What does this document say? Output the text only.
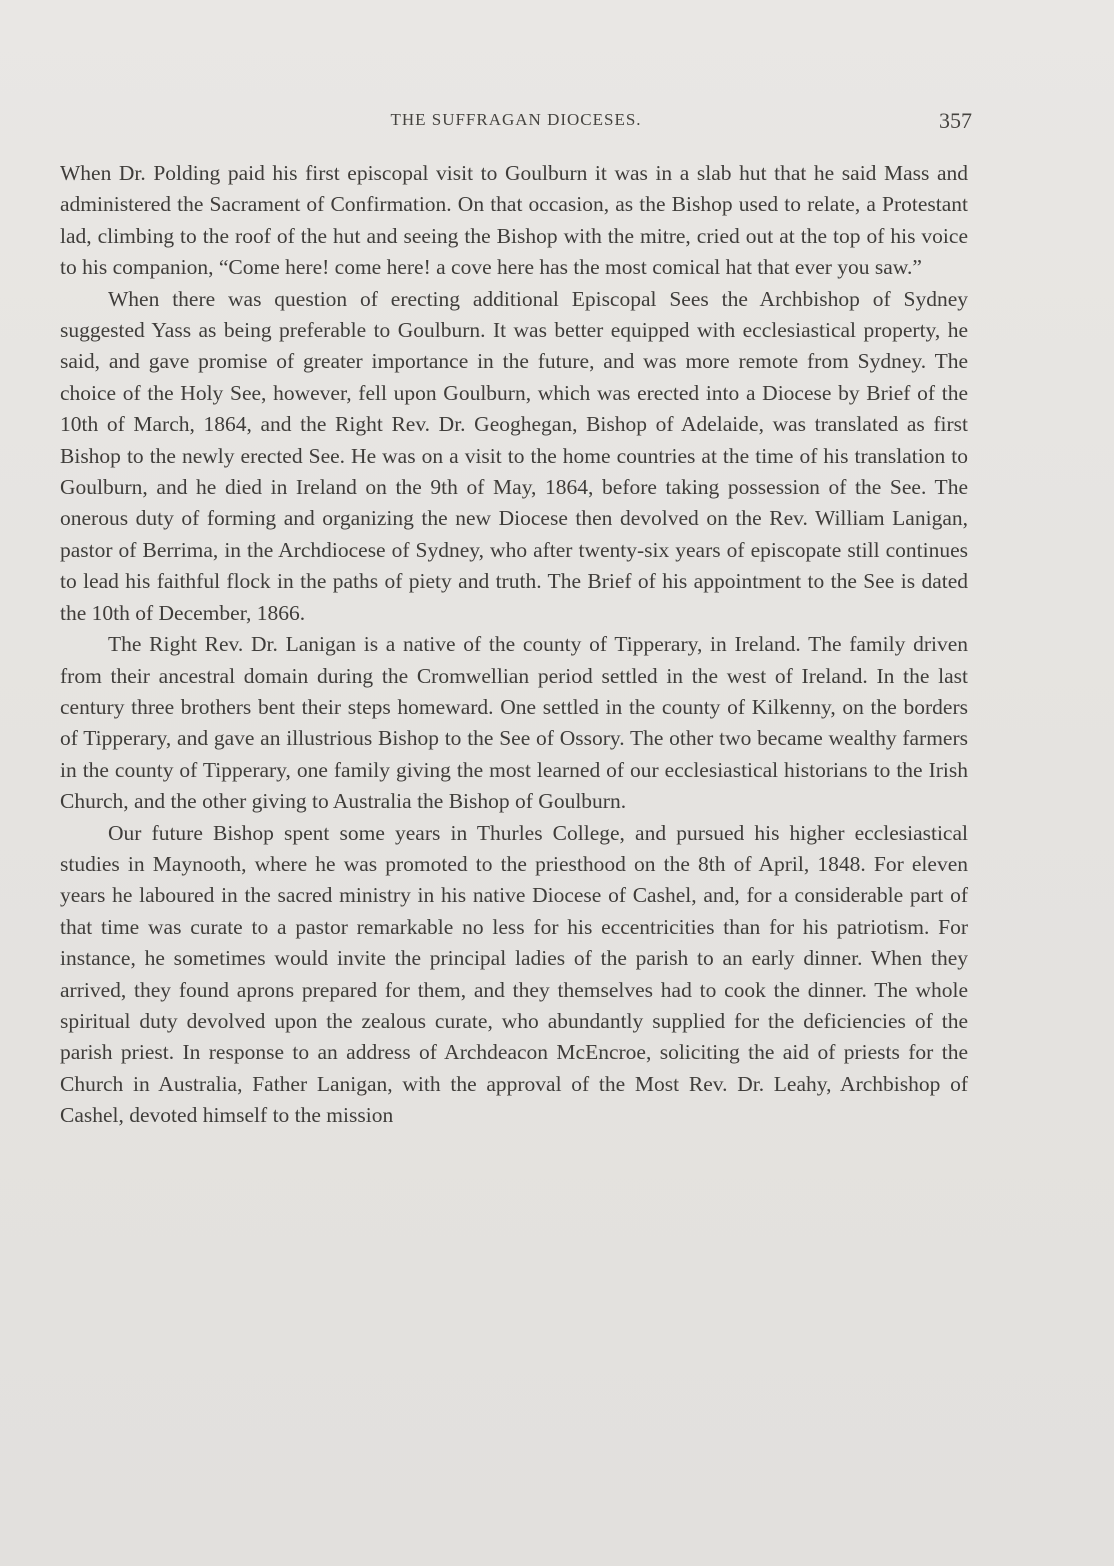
THE SUFFRAGAN DIOCESES.	357

When Dr. Polding paid his first episcopal visit to Goulburn it was in a slab hut that he said Mass and administered the Sacrament of Confirmation. On that occasion, as the Bishop used to relate, a Protestant lad, climbing to the roof of the hut and seeing the Bishop with the mitre, cried out at the top of his voice to his companion, “Come here! come here! a cove here has the most comical hat that ever you saw.”

When there was question of erecting additional Episcopal Sees the Archbishop of Sydney suggested Yass as being preferable to Goulburn. It was better equipped with ecclesiastical property, he said, and gave promise of greater importance in the future, and was more remote from Sydney. The choice of the Holy See, however, fell upon Goulburn, which was erected into a Diocese by Brief of the 10th of March, 1864, and the Right Rev. Dr. Geoghegan, Bishop of Adelaide, was translated as first Bishop to the newly erected See. He was on a visit to the home countries at the time of his translation to Goulburn, and he died in Ireland on the 9th of May, 1864, before taking possession of the See. The onerous duty of forming and organizing the new Diocese then devolved on the Rev. William Lanigan, pastor of Berrima, in the Archdiocese of Sydney, who after twenty-six years of episcopate still continues to lead his faithful flock in the paths of piety and truth. The Brief of his appointment to the See is dated the 10th of December, 1866.

The Right Rev. Dr. Lanigan is a native of the county of Tipperary, in Ireland. The family driven from their ancestral domain during the Cromwellian period settled in the west of Ireland. In the last century three brothers bent their steps homeward. One settled in the county of Kilkenny, on the borders of Tipperary, and gave an illustrious Bishop to the See of Ossory. The other two became wealthy farmers in the county of Tipperary, one family giving the most learned of our ecclesiastical historians to the Irish Church, and the other giving to Australia the Bishop of Goulburn.

Our future Bishop spent some years in Thurles College, and pursued his higher ecclesiastical studies in Maynooth, where he was promoted to the priesthood on the 8th of April, 1848. For eleven years he laboured in the sacred ministry in his native Diocese of Cashel, and, for a considerable part of that time was curate to a pastor remarkable no less for his eccentricities than for his patriotism. For instance, he sometimes would invite the principal ladies of the parish to an early dinner. When they arrived, they found aprons prepared for them, and they themselves had to cook the dinner. The whole spiritual duty devolved upon the zealous curate, who abundantly supplied for the deficiencies of the parish priest. In response to an address of Archdeacon McEncroe, soliciting the aid of priests for the Church in Australia, Father Lanigan, with the approval of the Most Rev. Dr. Leahy, Archbishop of Cashel, devoted himself to the mission
